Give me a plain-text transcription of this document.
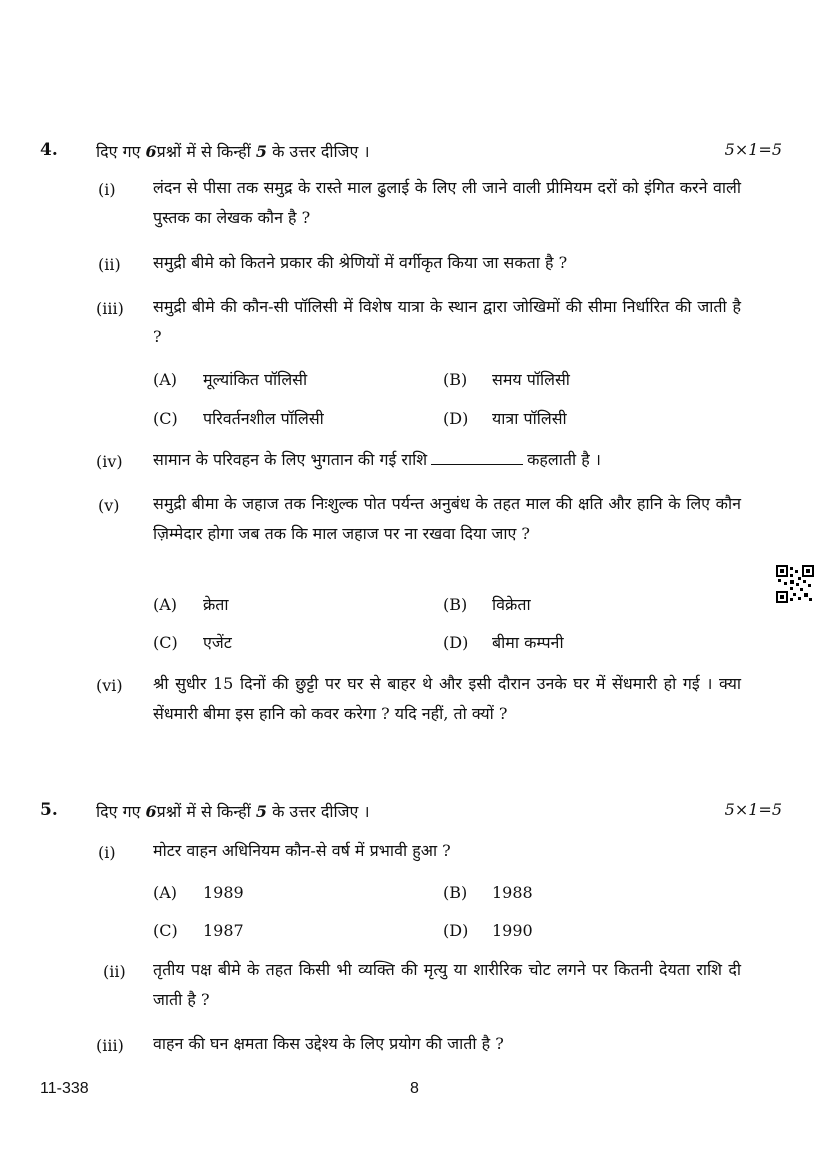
4. दिए गए 6प्रश्नों में से किन्हीं 5 के उत्तर दीजिए ।	5×1=5
(i) लंदन से पीसा तक समुद्र के रास्ते माल ढुलाई के लिए ली जाने वाली प्रीमियम दरों को इंगित करने वाली पुस्तक का लेखक कौन है ?
(ii) समुद्री बीमे को कितने प्रकार की श्रेणियों में वर्गीकृत किया जा सकता है ?
(iii) समुद्री बीमे की कौन-सी पॉलिसी में विशेष यात्रा के स्थान द्वारा जोखिमों की सीमा निर्धारित की जाती है ?
(A) मूल्यांकित पॉलिसी	(B) समय पॉलिसी
(C) परिवर्तनशील पॉलिसी	(D) यात्रा पॉलिसी
(iv) सामान के परिवहन के लिए भुगतान की गई राशि	कहलाती है ।
(v) समुद्री बीमा के जहाज तक निःशुल्क पोत पर्यन्त अनुबंध के तहत माल की क्षति और हानि के लिए कौन ज़िम्मेदार होगा जब तक कि माल जहाज पर ना रखवा दिया जाए ?
(A) क्रेता	(B) विक्रेता
(C) एजेंट	(D) बीमा कम्पनी
(vi) श्री सुधीर 15 दिनों की छुट्टी पर घर से बाहर थे और इसी दौरान उनके घर में सेंधमारी हो गई । क्या सेंधमारी बीमा इस हानि को कवर करेगा ? यदि नहीं, तो क्यों ?
5. दिए गए 6प्रश्नों में से किन्हीं 5 के उत्तर दीजिए ।	5×1=5
(i) मोटर वाहन अधिनियम कौन-से वर्ष में प्रभावी हुआ ?
(A) 1989	(B) 1988
(C) 1987	(D) 1990
(ii) तृतीय पक्ष बीमे के तहत किसी भी व्यक्ति की मृत्यु या शारीरिक चोट लगने पर कितनी देयता राशि दी जाती है ?
(iii) वाहन की घन क्षमता किस उद्देश्य के लिए प्रयोग की जाती है ?
11-338	8
